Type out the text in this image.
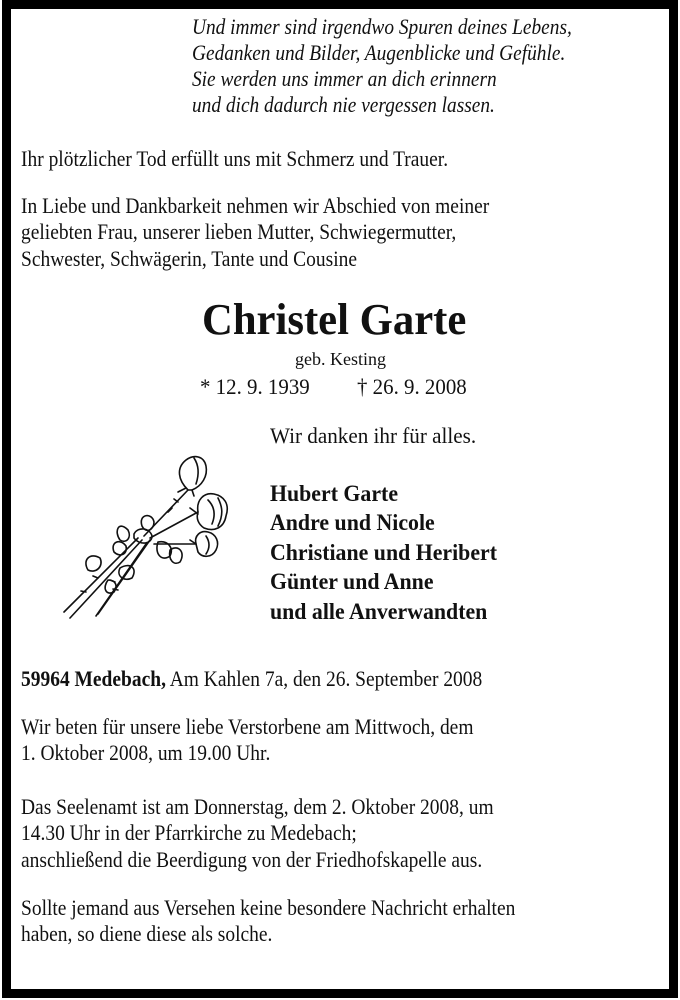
Und immer sind irgendwo Spuren deines Lebens,
Gedanken und Bilder, Augenblicke und Gefühle.
Sie werden uns immer an dich erinnern
und dich dadurch nie vergessen lassen.
Ihr plötzlicher Tod erfüllt uns mit Schmerz und Trauer.
In Liebe und Dankbarkeit nehmen wir Abschied von meiner
geliebten Frau, unserer lieben Mutter, Schwiegermutter,
Schwester, Schwägerin, Tante und Cousine
Christel Garte
geb. Kesting
* 12. 9. 1939 † 26. 9. 2008
Wir danken ihr für alles.
Hubert Garte
Andre und Nicole
Christiane und Heribert
Günter und Anne
und alle Anverwandten
59964 Medebach, Am Kahlen 7a, den 26. September 2008
Wir beten für unsere liebe Verstorbene am Mittwoch, dem
1. Oktober 2008, um 19.00 Uhr.
Das Seelenamt ist am Donnerstag, dem 2. Oktober 2008, um
14.30 Uhr in der Pfarrkirche zu Medebach;
anschließend die Beerdigung von der Friedhofskapelle aus.
Sollte jemand aus Versehen keine besondere Nachricht erhalten
haben, so diene diese als solche.
